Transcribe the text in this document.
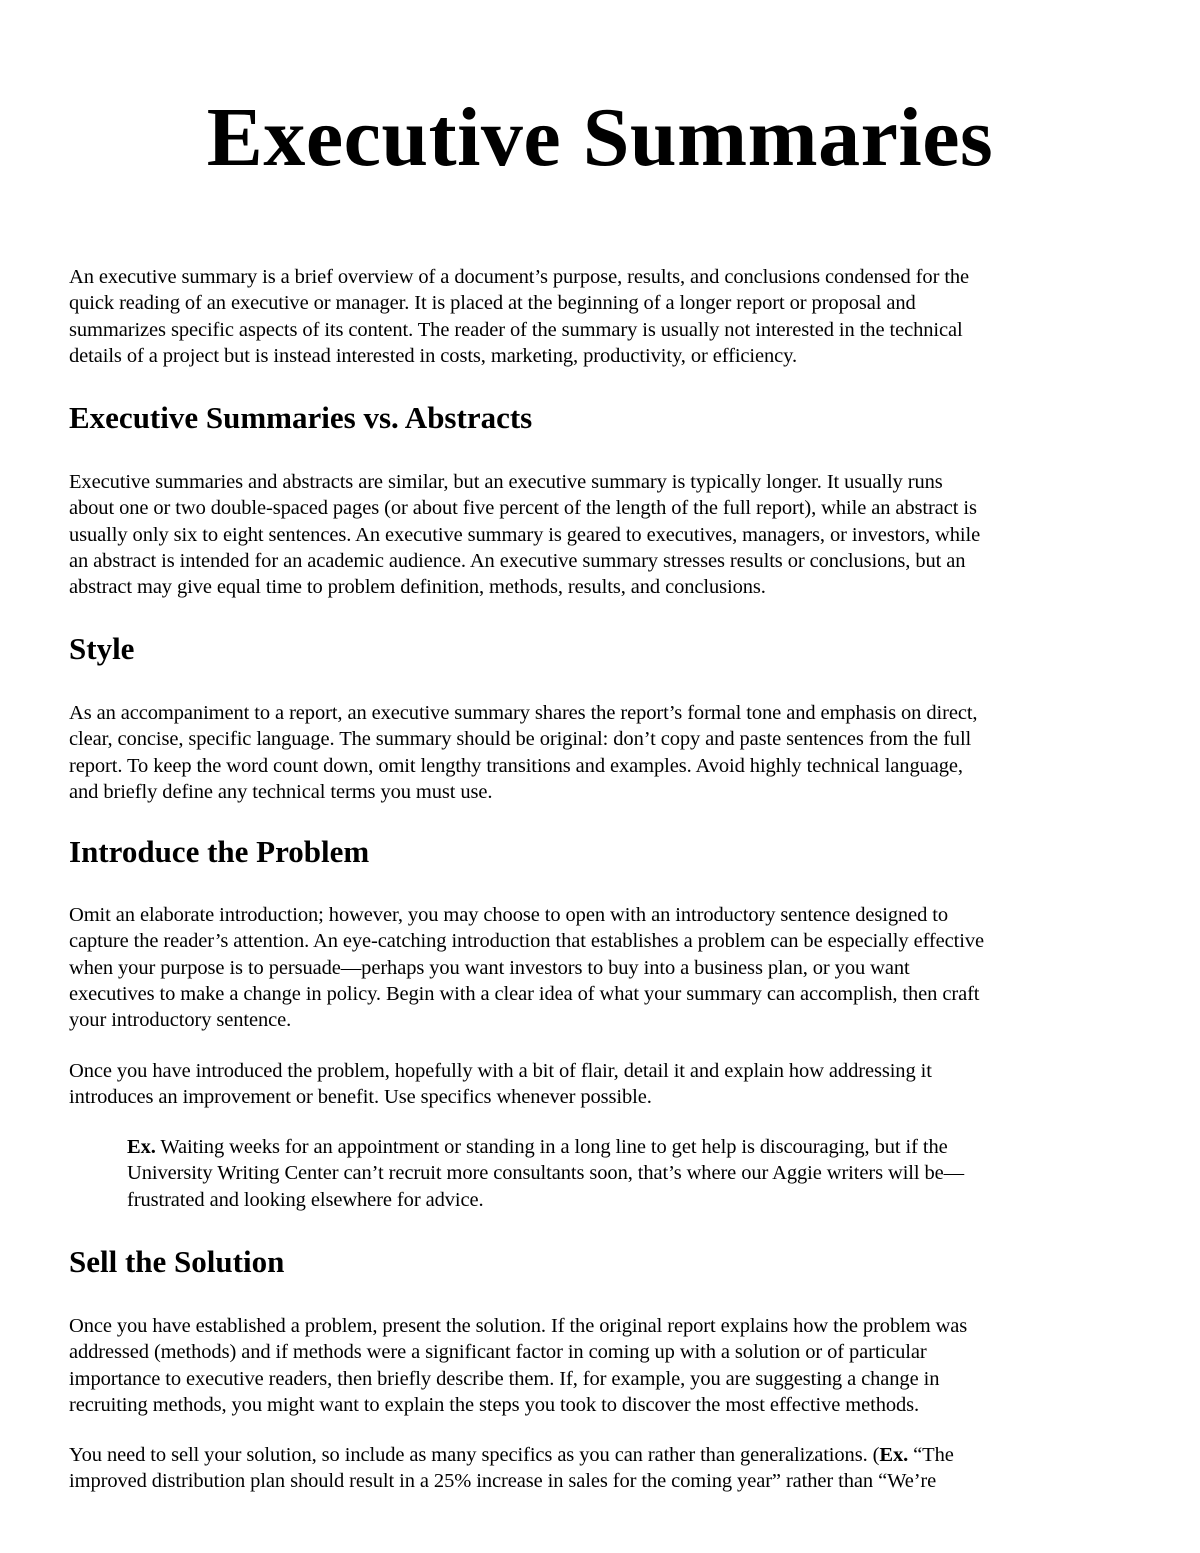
Executive Summaries

An executive summary is a brief overview of a document’s purpose, results, and conclusions condensed for the
quick reading of an executive or manager. It is placed at the beginning of a longer report or proposal and
summarizes specific aspects of its content. The reader of the summary is usually not interested in the technical
details of a project but is instead interested in costs, marketing, productivity, or efficiency.

Executive Summaries vs. Abstracts

Executive summaries and abstracts are similar, but an executive summary is typically longer. It usually runs
about one or two double-spaced pages (or about five percent of the length of the full report), while an abstract is
usually only six to eight sentences. An executive summary is geared to executives, managers, or investors, while
an abstract is intended for an academic audience. An executive summary stresses results or conclusions, but an
abstract may give equal time to problem definition, methods, results, and conclusions.

Style

As an accompaniment to a report, an executive summary shares the report’s formal tone and emphasis on direct,
clear, concise, specific language. The summary should be original: don’t copy and paste sentences from the full
report. To keep the word count down, omit lengthy transitions and examples. Avoid highly technical language,
and briefly define any technical terms you must use.

Introduce the Problem

Omit an elaborate introduction; however, you may choose to open with an introductory sentence designed to
capture the reader’s attention. An eye-catching introduction that establishes a problem can be especially effective
when your purpose is to persuade—perhaps you want investors to buy into a business plan, or you want
executives to make a change in policy. Begin with a clear idea of what your summary can accomplish, then craft
your introductory sentence.

Once you have introduced the problem, hopefully with a bit of flair, detail it and explain how addressing it
introduces an improvement or benefit. Use specifics whenever possible.

Ex. Waiting weeks for an appointment or standing in a long line to get help is discouraging, but if the
University Writing Center can’t recruit more consultants soon, that’s where our Aggie writers will be—
frustrated and looking elsewhere for advice.

Sell the Solution

Once you have established a problem, present the solution. If the original report explains how the problem was
addressed (methods) and if methods were a significant factor in coming up with a solution or of particular
importance to executive readers, then briefly describe them. If, for example, you are suggesting a change in
recruiting methods, you might want to explain the steps you took to discover the most effective methods.

You need to sell your solution, so include as many specifics as you can rather than generalizations. (Ex. “The
improved distribution plan should result in a 25% increase in sales for the coming year” rather than “We’re
